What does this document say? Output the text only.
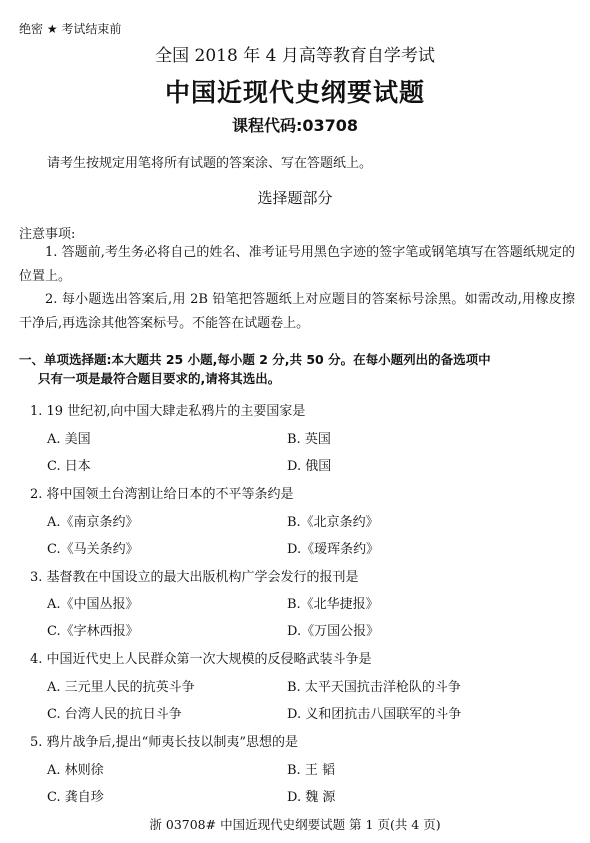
绝密 ★ 考试结束前
全国 2018 年 4 月高等教育自学考试
中国近现代史纲要试题
课程代码:03708
请考生按规定用笔将所有试题的答案涂、写在答题纸上。
选择题部分
注意事项:
1. 答题前,考生务必将自己的姓名、准考证号用黑色字迹的签字笔或钢笔填写在答题纸规定的位置上。
2. 每小题选出答案后,用 2B 铅笔把答题纸上对应题目的答案标号涂黑。如需改动,用橡皮擦干净后,再选涂其他答案标号。不能答在试题卷上。
一、单项选择题:本大题共 25 小题,每小题 2 分,共 50 分。在每小题列出的备选项中
只有一项是最符合题目要求的,请将其选出。
1. 19 世纪初,向中国大肆走私鸦片的主要国家是
A. 美国	B. 英国
C. 日本	D. 俄国
2. 将中国领土台湾割让给日本的不平等条约是
A.《南京条约》	B.《北京条约》
C.《马关条约》	D.《瑷珲条约》
3. 基督教在中国设立的最大出版机构广学会发行的报刊是
A.《中国丛报》	B.《北华捷报》
C.《字林西报》	D.《万国公报》
4. 中国近代史上人民群众第一次大规模的反侵略武装斗争是
A. 三元里人民的抗英斗争	B. 太平天国抗击洋枪队的斗争
C. 台湾人民的抗日斗争	D. 义和团抗击八国联军的斗争
5. 鸦片战争后,提出“师夷长技以制夷”思想的是
A. 林则徐	B. 王 韬
C. 龚自珍	D. 魏 源
浙 03708# 中国近现代史纲要试题 第 1 页(共 4 页)
